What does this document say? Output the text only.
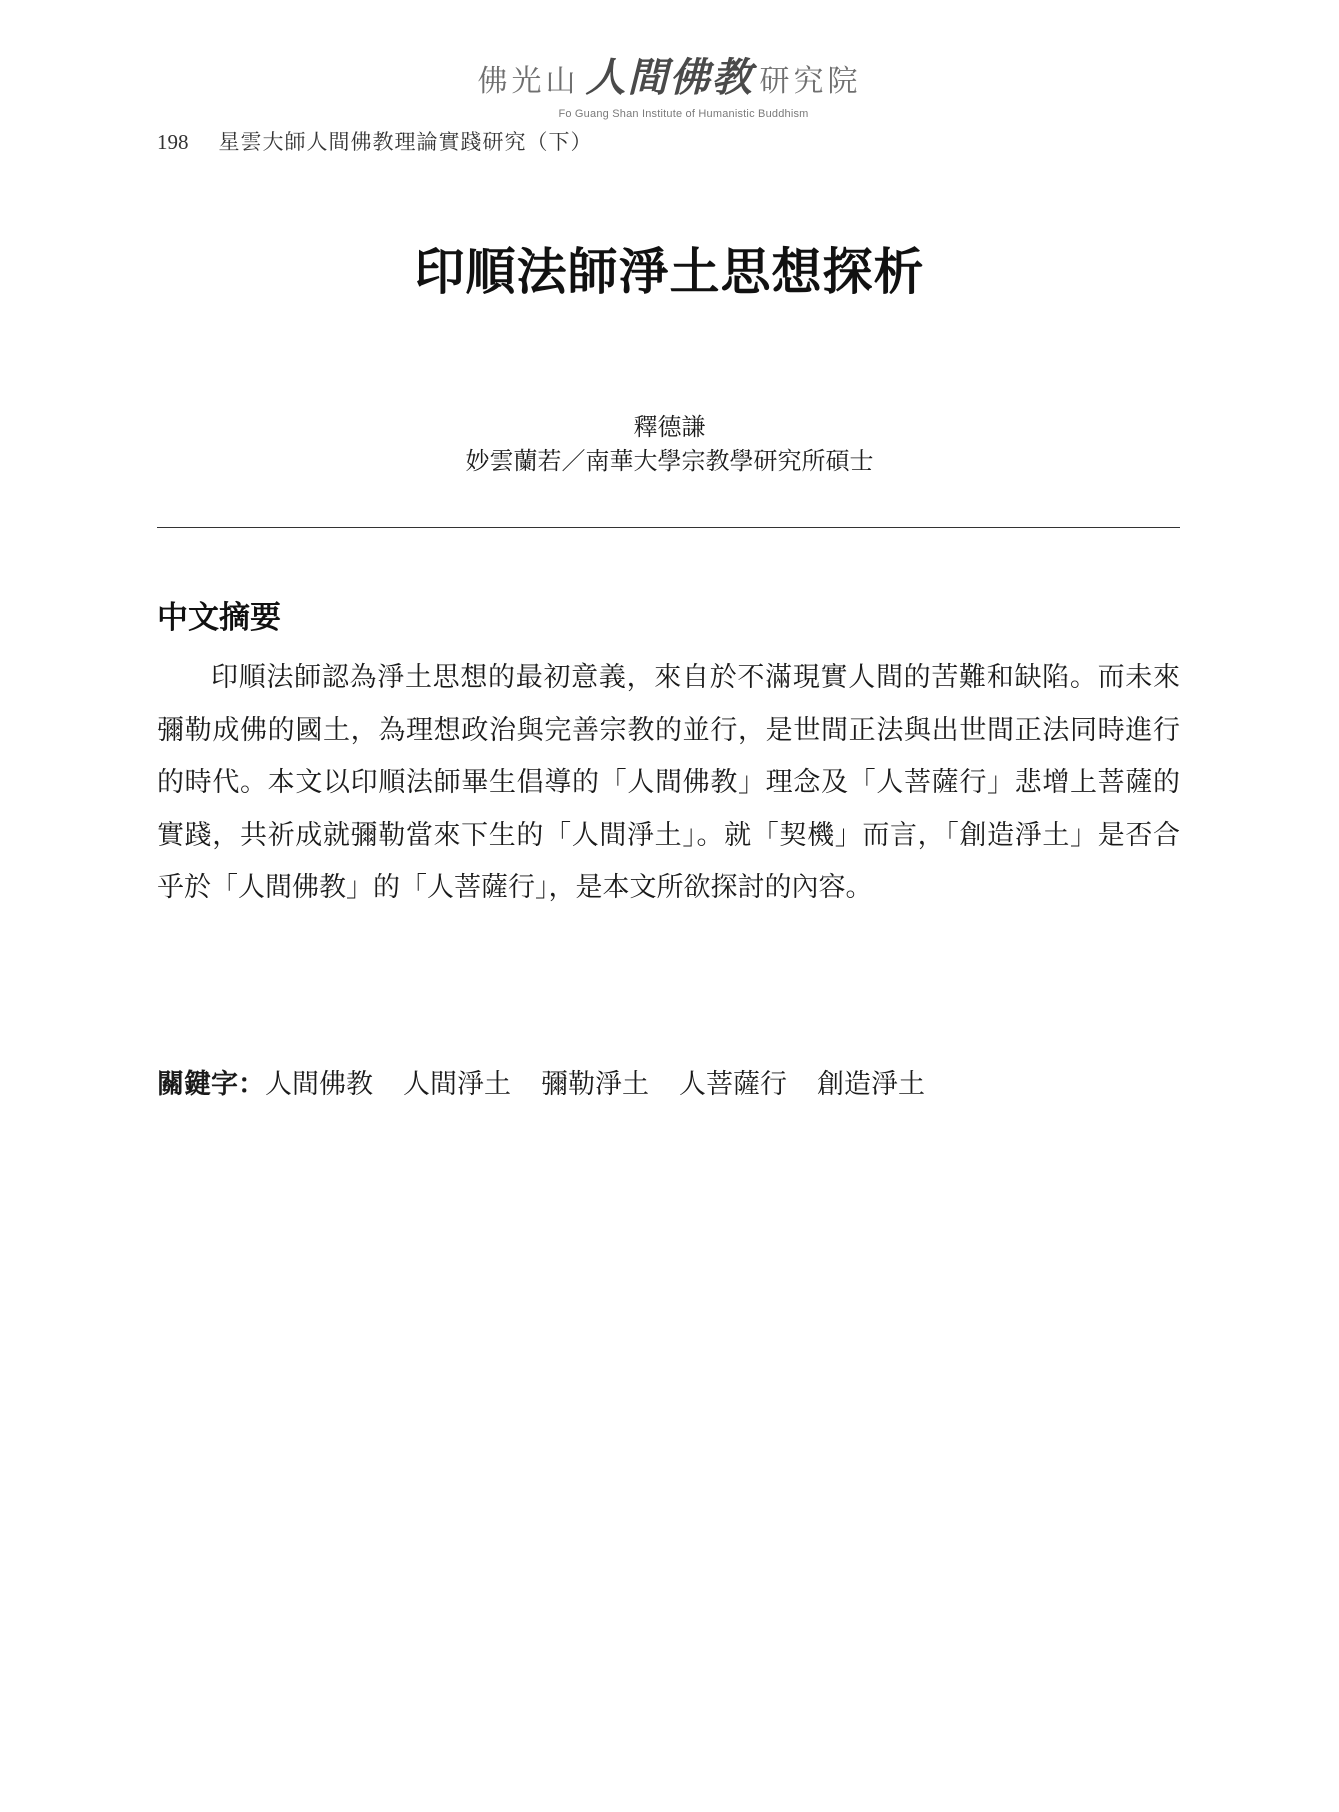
佛光山 人間佛教 研究院
Fo Guang Shan Institute of Humanistic Buddhism
198 星雲大師人間佛教理論實踐研究（下）
印順法師淨土思想探析
釋德謙
妙雲蘭若／南華大學宗教學研究所碩士
中文摘要

印順法師認為淨土思想的最初意義，來自於不滿現實人間的苦難和缺陷。而未來彌勒成佛的國土，為理想政治與完善宗教的並行，是世間正法與出世間正法同時進行的時代。本文以印順法師畢生倡導的「人間佛教」理念及「人菩薩行」悲增上菩薩的實踐，共祈成就彌勒當來下生的「人間淨土」。就「契機」而言，「創造淨土」是否合乎於「人間佛教」的「人菩薩行」，是本文所欲探討的內容。

關鍵字：人間佛教 人間淨土 彌勒淨土 人菩薩行 創造淨土
